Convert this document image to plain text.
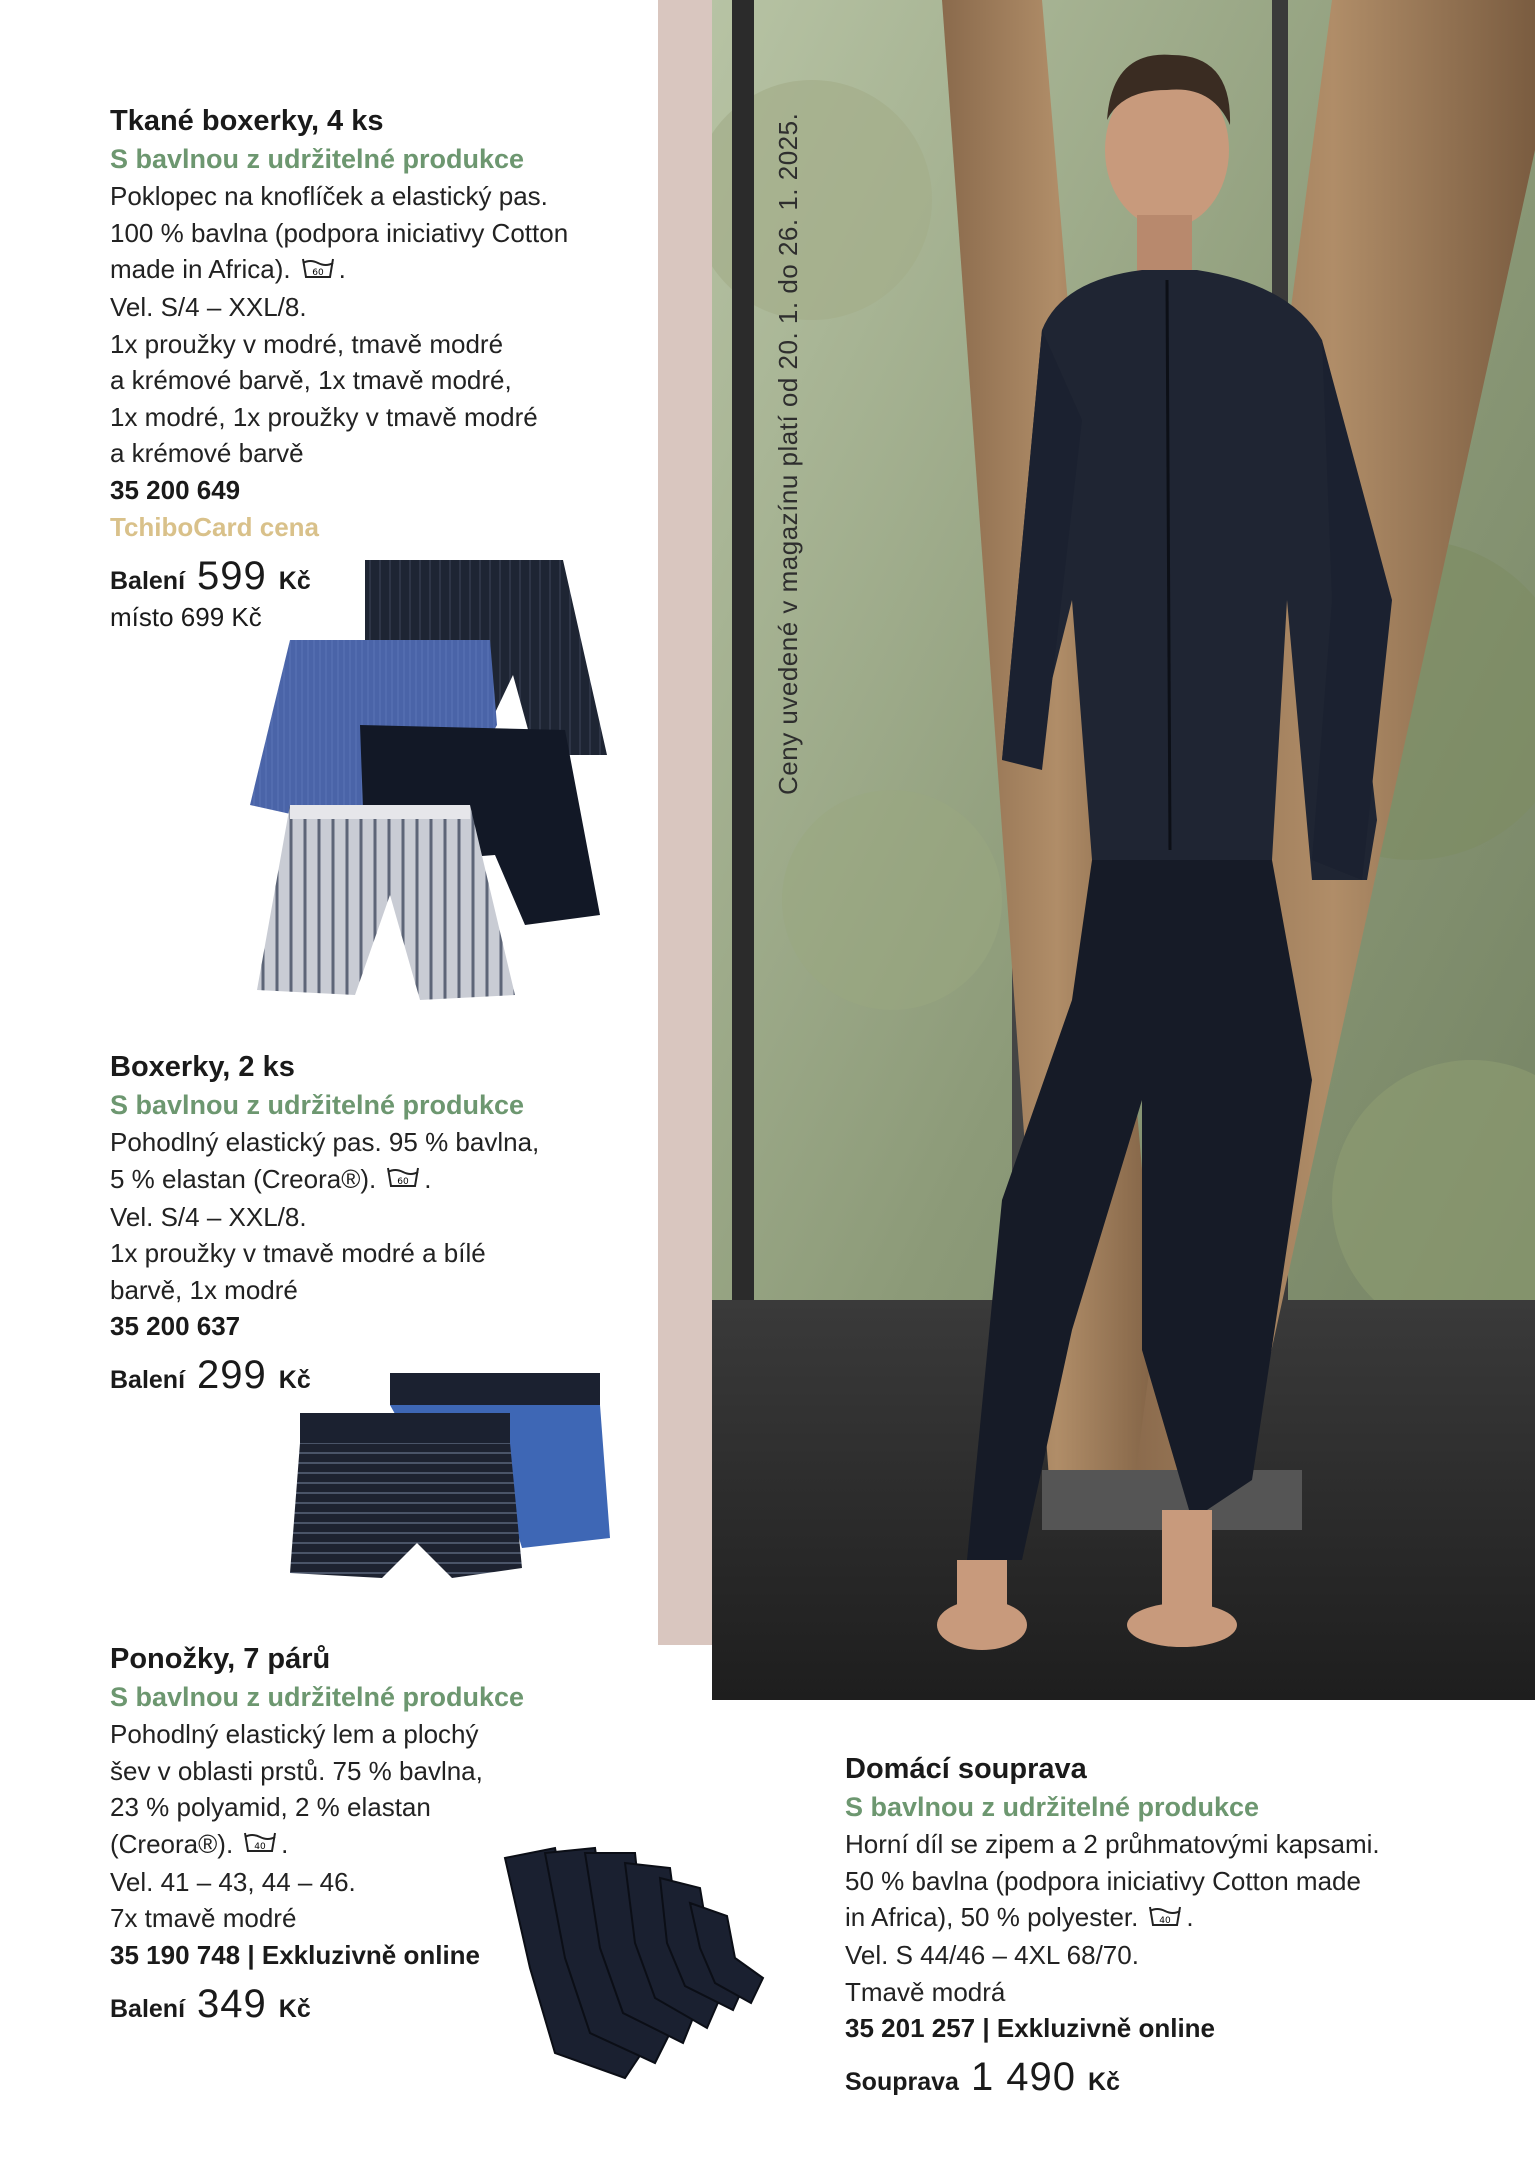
Ceny uvedené v magazínu platí od 20. 1. do 26. 1. 2025.
Tkané boxerky, 4 ks
S bavlnou z udržitelné produkce
Poklopec na knoflíček a elastický pas.
100 % bavlna (podpora iniciativy Cotton
made in Africa). 60 .
Vel. S/4 – XXL/8.
1x proužky v modré, tmavě modré
a krémové barvě, 1x tmavě modré,
1x modré, 1x proužky v tmavě modré
a krémové barvě
35 200 649
TchiboCard cena
Balení 599 Kč
místo 699 Kč
Boxerky, 2 ks
S bavlnou z udržitelné produkce
Pohodlný elastický pas. 95 % bavlna,
5 % elastan (Creora®). 60 .
Vel. S/4 – XXL/8.
1x proužky v tmavě modré a bílé
barvě, 1x modré
35 200 637
Balení 299 Kč
Ponožky, 7 párů
S bavlnou z udržitelné produkce
Pohodlný elastický lem a plochý
šev v oblasti prstů. 75 % bavlna,
23 % polyamid, 2 % elastan
(Creora®). 40 .
Vel. 41 – 43, 44 – 46.
7x tmavě modré
35 190 748 | Exkluzivně online
Balení 349 Kč
Domácí souprava
S bavlnou z udržitelné produkce
Horní díl se zipem a 2 průhmatovými kapsami.
50 % bavlna (podpora iniciativy Cotton made
in Africa), 50 % polyester. 40 .
Vel. S 44/46 – 4XL 68/70.
Tmavě modrá
35 201 257 | Exkluzivně online
Souprava 1 490 Kč
